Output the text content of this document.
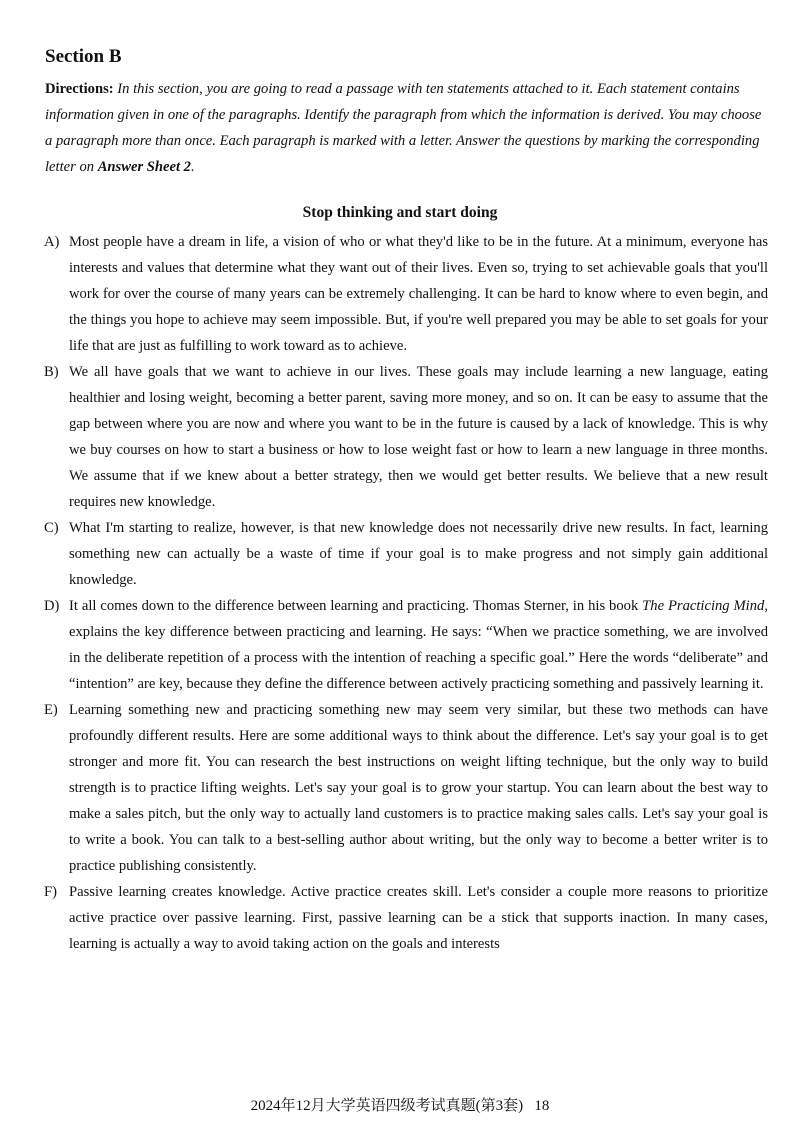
Section B
Directions: In this section, you are going to read a passage with ten statements attached to it. Each statement contains information given in one of the paragraphs. Identify the paragraph from which the information is derived. You may choose a paragraph more than once. Each paragraph is marked with a letter. Answer the questions by marking the corresponding letter on Answer Sheet 2.
Stop thinking and start doing

A) Most people have a dream in life, a vision of who or what they'd like to be in the future. At a minimum, everyone has interests and values that determine what they want out of their lives. Even so, trying to set achievable goals that you'll work for over the course of many years can be extremely challenging. It can be hard to know where to even begin, and the things you hope to achieve may seem impossible. But, if you're well prepared you may be able to set goals for your life that are just as fulfilling to work toward as to achieve.

B) We all have goals that we want to achieve in our lives. These goals may include learning a new language, eating healthier and losing weight, becoming a better parent, saving more money, and so on. It can be easy to assume that the gap between where you are now and where you want to be in the future is caused by a lack of knowledge. This is why we buy courses on how to start a business or how to lose weight fast or how to learn a new language in three months. We assume that if we knew about a better strategy, then we would get better results. We believe that a new result requires new knowledge.

C) What I'm starting to realize, however, is that new knowledge does not necessarily drive new results. In fact, learning something new can actually be a waste of time if your goal is to make progress and not simply gain additional knowledge.

D) It all comes down to the difference between learning and practicing. Thomas Sterner, in his book The Practicing Mind, explains the key difference between practicing and learning. He says: “When we practice something, we are involved in the deliberate repetition of a process with the intention of reaching a specific goal.” Here the words “deliberate” and “intention” are key, because they define the difference between actively practicing something and passively learning it.

E) Learning something new and practicing something new may seem very similar, but these two methods can have profoundly different results. Here are some additional ways to think about the difference. Let's say your goal is to get stronger and more fit. You can research the best instructions on weight lifting technique, but the only way to build strength is to practice lifting weights. Let's say your goal is to grow your startup. You can learn about the best way to make a sales pitch, but the only way to actually land customers is to practice making sales calls. Let's say your goal is to write a book. You can talk to a best-selling author about writing, but the only way to become a better writer is to practice publishing consistently.

F) Passive learning creates knowledge. Active practice creates skill. Let's consider a couple more reasons to prioritize active practice over passive learning. First, passive learning can be a stick that supports inaction. In many cases, learning is actually a way to avoid taking action on the goals and interests

2024年12月大学英语四级考试真题(第3套) 18
